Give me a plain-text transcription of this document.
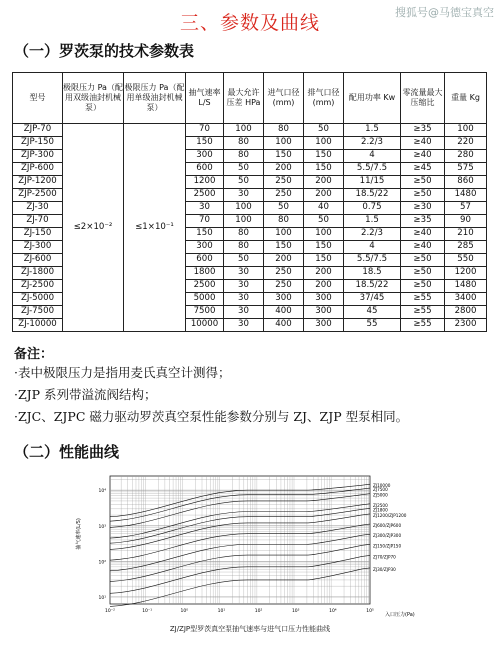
搜狐号@马德宝真空
三、参数及曲线
（一）罗茨泵的技术参数表
型号	极限压力 Pa（配用双级油封机械泵）	极限压力 Pa（配用单级油封机械泵）	抽气速率 L/S	最大允许压差 HPa	进气口径 (mm)	排气口径 (mm)	配用功率 Kw	零流量最大压缩比	重量 Kg
ZJP-70	≤2×10⁻²	≤1×10⁻¹	70	100	80	50	1.5	≥35	100
ZJP-150			150	80	100	100	2.2/3	≥40	220
ZJP-300			300	80	150	150	4	≥40	280
ZJP-600			600	50	200	150	5.5/7.5	≥45	575
ZJP-1200			1200	50	250	200	11/15	≥50	860
ZJP-2500			2500	30	250	200	18.5/22	≥50	1480
ZJ-30			30	100	50	40	0.75	≥30	57
ZJ-70			70	100	80	50	1.5	≥35	90
ZJ-150			150	80	100	100	2.2/3	≥40	210
ZJ-300			300	80	150	150	4	≥40	285
ZJ-600			600	50	200	150	5.5/7.5	≥50	550
ZJ-1800			1800	30	250	200	18.5	≥50	1200
ZJ-2500			2500	30	250	200	18.5/22	≥50	1480
ZJ-5000			5000	30	300	300	37/45	≥55	3400
ZJ-7500			7500	30	400	300	45	≥55	2800
ZJ-10000			10000	30	400	300	55	≥55	2300
备注：
·表中极限压力是指用麦氏真空计测得；
·ZJP 系列带溢流阀结构；
·ZJC、ZJPC 磁力驱动罗茨真空泵性能参数分别与 ZJ、ZJP 型泵相同。
（二）性能曲线
10⁻²	10⁻¹	10⁰	10¹	10²	10³	10⁴	10⁵
10⁴
10³
10²
10¹
ZJ10000
ZJ7500
ZJ5000
ZJ2500
ZJ1800
ZJ1200/ZJP1200
ZJ600/ZJP600
ZJ300/ZJP300
ZJ150/ZJP150
ZJ70/ZJP70
ZJ30/ZJP30
抽气速率(L/S)
入口压力(Pa)
ZJ/ZJP型罗茨真空泵抽气速率与进气口压力性能曲线
